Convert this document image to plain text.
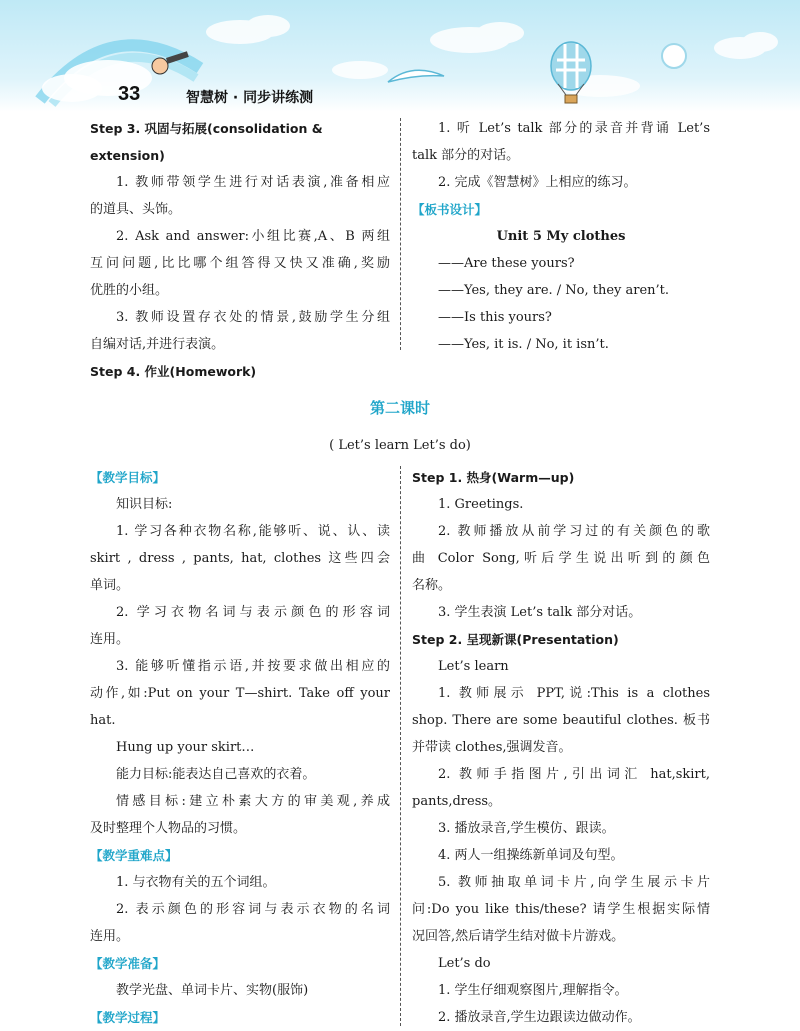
33	智慧树 · 同步讲练测

Step 3. 巩固与拓展(consolidation & extension)

1. 教师带领学生进行对话表演,准备相应

的道具、头饰。

2. Ask and answer:小组比赛,A、B 两组

互问问题,比比哪个组答得又快又准确,奖励

优胜的小组。

3. 教师设置存衣处的情景,鼓励学生分组

自编对话,并进行表演。

Step 4. 作业(Homework)

1. 听 Let’s talk 部分的录音并背诵 Let’s

talk 部分的对话。

2. 完成《智慧树》上相应的练习。

【板书设计】

Unit 5 My clothes

——Are these yours?

——Yes, they are. / No, they aren’t.

——Is this yours?

——Yes, it is. / No, it isn’t.

第二课时
( Let’s learn Let’s do)

【教学目标】

知识目标:

1. 学习各种衣物名称,能够听、说、认、读

skirt , dress , pants, hat, clothes 这些四会

单词。

2. 学习衣物名词与表示颜色的形容词

连用。

3. 能够听懂指示语,并按要求做出相应的

动作,如:Put on your T—shirt. Take off your

hat.

Hung up your skirt…

能力目标:能表达自己喜欢的衣着。

情感目标:建立朴素大方的审美观,养成

及时整理个人物品的习惯。

【教学重难点】

1. 与衣物有关的五个词组。

2. 表示颜色的形容词与表示衣物的名词

连用。

【教学准备】

教学光盘、单词卡片、实物(服饰)

【教学过程】

Step 1. 热身(Warm—up)

1. Greetings.

2. 教师播放从前学习过的有关颜色的歌

曲 Color Song,听后学生说出听到的颜色

名称。

3. 学生表演 Let’s talk 部分对话。

Step 2. 呈现新课(Presentation)

Let’s learn

1. 教师展示 PPT,说:This is a clothes

shop. There are some beautiful clothes. 板书

并带读 clothes,强调发音。

2. 教师手指图片,引出词汇 hat,skirt,

pants,dress。

3. 播放录音,学生模仿、跟读。

4. 两人一组操练新单词及句型。

5. 教师抽取单词卡片,向学生展示卡片

问:Do you like this/these? 请学生根据实际情

况回答,然后请学生结对做卡片游戏。

Let’s do

1. 学生仔细观察图片,理解指令。

2. 播放录音,学生边跟读边做动作。
